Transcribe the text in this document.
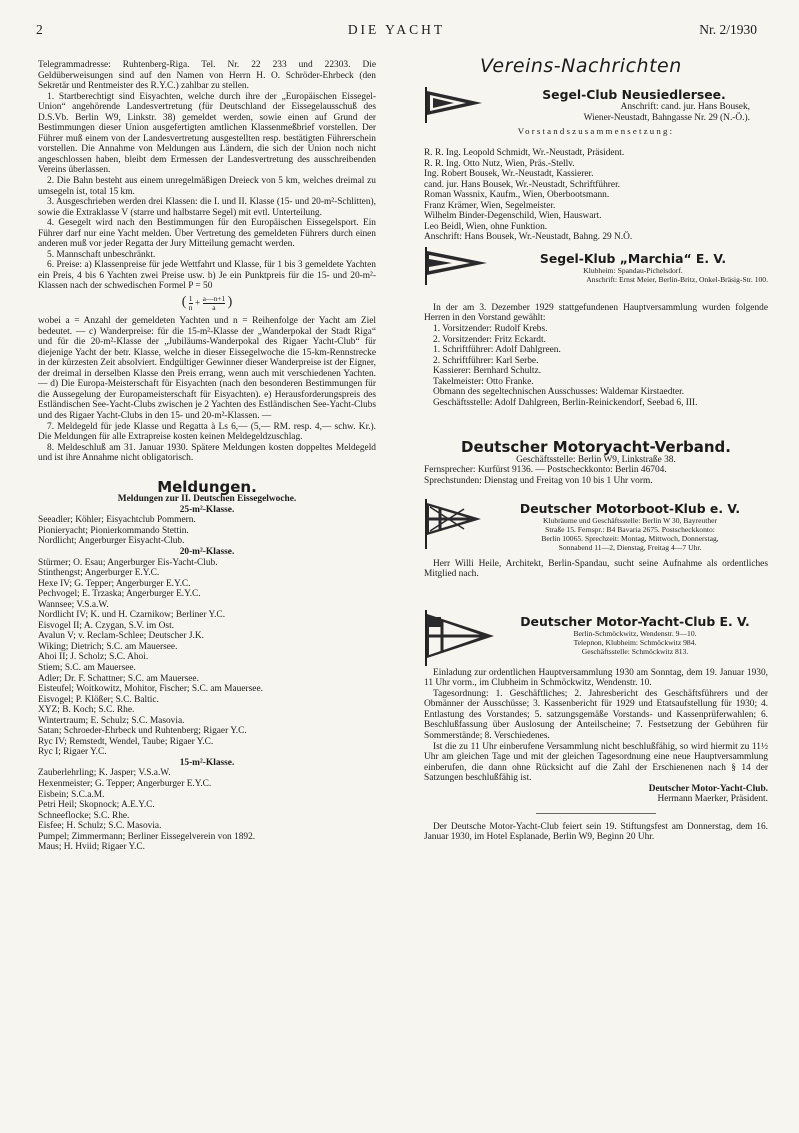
2	DIE YACHT	Nr. 2/1930

Telegrammadresse: Ruhtenberg-Riga. Tel. Nr. 22 233 und 22303. Die Geldüberweisungen sind auf den Namen von Herrn H. O. Schröder-Ehrbeck (den Sekretär und Rentmeister des R.Y.C.) zahlbar zu stellen.

1. Startberechtigt sind Eisyachten, welche durch ihre der „Europäischen Eissegel-Union“ angehörende Landesvertretung (für Deutschland der Eissegelausschuß des D.S.Vb. Berlin W9, Linkstr. 38) gemeldet werden, sowie einen auf Grund der Bestimmungen dieser Union ausgefertigten amtlichen Klassenmeßbrief vorstellen. Der Führer muß einem von der Landesvertretung ausgestellten resp. bestätigten Führerschein vorstellen. Die Annahme von Meldungen aus Ländern, die sich der Union noch nicht angeschlossen haben, bleibt dem Ermessen der Landesvertretung des ausschreibenden Vereins überlassen.

2. Die Bahn besteht aus einem unregelmäßigen Dreieck von 5 km, welches dreimal zu umsegeln ist, total 15 km.

3. Ausgeschrieben werden drei Klassen: die I. und II. Klasse (15- und 20-m²-Schlitten), sowie die Extraklasse V (starre und halbstarre Segel) mit evtl. Unterteilung.

4. Gesegelt wird nach den Bestimmungen für den Europäischen Eissegelsport. Ein Führer darf nur eine Yacht melden. Über Vertretung des gemeldeten Führers durch einen anderen muß vor jeder Regatta der Jury Mitteilung gemacht werden.

5. Mannschaft unbeschränkt.

6. Preise: a) Klassenpreise für jede Wettfahrt und Klasse, für 1 bis 3 gemeldete Yachten ein Preis, 4 bis 6 Yachten zwei Preise usw. b) Je ein Punktpreis für die 15- und 20-m²-Klassen nach der schwedischen Formel P = 50

( $\frac{1}{n} + \frac{a—n+1}{a}$ )

wobei a = Anzahl der gemeldeten Yachten und n = Reihenfolge der Yacht am Ziel bedeutet. — c) Wanderpreise: für die 15-m²-Klasse der „Wanderpokal der Stadt Riga“ und für die 20-m²-Klasse der „Jubiläums-Wanderpokal des Rigaer Yacht-Club“ für diejenige Yacht der betr. Klasse, welche in dieser Eissegelwoche die 15-km-Rennstrecke in der kürzesten Zeit absolviert. Endgültiger Gewinner dieser Wanderpreise ist der Eigner, der dreimal in derselben Klasse den Preis errang, wenn auch mit verschiedenen Yachten. — d) Die Europa-Meisterschaft für Eisyachten (nach den besonderen Bestimmungen für die Aussegelung der Europameisterschaft für Eisyachten). e) Herausforderungspreis des Estländischen See-Yacht-Clubs zwischen je 2 Yachten des Estländischen See-Yacht-Clubs und des Rigaer Yacht-Clubs in den 15- und 20-m²-Klassen. —

7. Meldegeld für jede Klasse und Regatta à Ls 6,— (5,— RM. resp. 4,— schw. Kr.). Die Meldungen für alle Extrapreise kosten keinen Meldegeldzuschlag.

8. Meldeschluß am 31. Januar 1930. Spätere Meldungen kosten doppeltes Meldegeld und ist ihre Annahme nicht obligatorisch.

Meldungen.

Meldungen zur II. Deutschen Eissegelwoche.

25-m²-Klasse.

Seeadler; Köhler; Eisyachtclub Pommern.

Pionieryacht; Pionierkommando Stettin.

Nordlicht; Angerburger Eisyacht-Club.

20-m²-Klasse.

Stürmer; O. Esau; Angerburger Eis-Yacht-Club.

Stinthengst; Angerburger E.Y.C.

Hexe IV; G. Tepper; Angerburger E.Y.C.

Pechvogel; E. Trzaska; Angerburger E.Y.C.

Wannsee; V.S.a.W.

Nordlicht IV; K. und H. Czarnikow; Berliner Y.C.

Eisvogel II; A. Czygan, S.V. im Ost.

Avalun V; v. Reclam-Schlee; Deutscher J.K.

Wiking; Dietrich; S.C. am Mauersee.

Ahoi II; J. Scholz; S.C. Ahoi.

Stiem; S.C. am Mauersee.

Adler; Dr. F. Schattner; S.C. am Mauersee.

Eisteufel; Woitkowitz, Mohitor, Fischer; S.C. am Mauersee.

Eisvogel; P. Klößer; S.C. Baltic.

XYZ; B. Koch; S.C. Rhe.

Wintertraum; E. Schulz; S.C. Masovia.

Satan; Schroeder-Ehrbeck und Ruhtenberg; Rigaer Y.C.

Ryc IV; Remstedt, Wendel, Taube; Rigaer Y.C.

Ryc I; Rigaer Y.C.

15-m²-Klasse.

Zauberlehrling; K. Jasper; V.S.a.W.

Hexenmeister; G. Tepper; Angerburger E.Y.C.

Eisbein; S.C.a.M.

Petri Heil; Skopnock; A.E.Y.C.

Schneeflocke; S.C. Rhe.

Eisfee; H. Schulz; S.C. Masovia.

Pumpel; Zimmermann; Berliner Eissegelverein von 1892.

Maus; H. Hviid; Rigaer Y.C.

Vereins-Nachrichten
Segel-Club Neusiedlersee.

Anschrift: cand. jur. Hans Bousek,

Wiener-Neustadt, Bahngasse Nr. 29 (N.-Ö.).

Vorstandszusammensetzung:

R. R. Ing. Leopold Schmidt, Wr.-Neustadt, Präsident.

R. R. Ing. Otto Nutz, Wien, Präs.-Stellv.

Ing. Robert Bousek, Wr.-Neustadt, Kassierer.

cand. jur. Hans Bousek, Wr.-Neustadt, Schriftführer.

Roman Wassnix, Kaufm., Wien, Oberbootsmann.

Franz Krämer, Wien, Segelmeister.

Wilhelm Binder-Degenschild, Wien, Hauswart.

Leo Beidl, Wien, ohne Funktion.

Anschrift: Hans Bousek, Wr.-Neustadt, Bahng. 29 N.Ö.

Segel-Klub „Marchia“ E. V.

Klubheim: Spandau-Pichelsdorf.

Anschrift: Ernst Meier, Berlin-Britz, Onkel-Bräsig-Str. 100.

In der am 3. Dezember 1929 stattgefundenen Hauptversammlung wurden folgende Herren in den Vorstand gewählt:

1. Vorsitzender: Rudolf Krebs.

2. Vorsitzender: Fritz Eckardt.

1. Schriftführer: Adolf Dahlgreen.

2. Schriftführer: Karl Serbe.

Kassierer: Bernhard Schultz.

Takelmeister: Otto Franke.

Obmann des segeltechnischen Ausschusses: Waldemar Kirstaedter.

Geschäftsstelle: Adolf Dahlgreen, Berlin-Reinickendorf, Seebad 6, III.

Deutscher Motoryacht-Verband.

Geschäftsstelle: Berlin W9, Linkstraße 38.

Fernsprecher: Kurfürst 9136. — Postscheckkonto: Berlin 46704.

Sprechstunden: Dienstag und Freitag von 10 bis 1 Uhr vorm.

Deutscher Motorboot-Klub e. V.

Klubräume und Geschäftsstelle: Berlin W 30, Bayreuther

Straße 15. Fernspr.: B4 Bavaria 2675. Postscheckkonto:

Berlin 10065. Sprechzeit: Montag, Mittwoch, Donnerstag,

Sonnabend 11—2, Dienstag, Freitag 4—7 Uhr.

Herr Willi Heile, Architekt, Berlin-Spandau, sucht seine Aufnahme als ordentliches Mitglied nach.

Deutscher Motor-Yacht-Club E. V.

Berlin-Schmöckwitz, Wendenstr. 9—10.

Telepnon, Klubheim: Schmöckwitz 984.

Geschäftsstelle: Schmöckwitz 813.

Einladung zur ordentlichen Hauptversammlung 1930 am Sonntag, dem 19. Januar 1930, 11 Uhr vorm., im Clubheim in Schmöckwitz, Wendenstr. 10.

Tagesordnung: 1. Geschäftliches; 2. Jahresbericht des Geschäftsführers und der Obmänner der Ausschüsse; 3. Kassenbericht für 1929 und Etatsaufstellung für 1930; 4. Entlastung des Vorstandes; 5. satzungsgemäße Vorstands- und Kassenprüferwahlen; 6. Beschlußfassung über Auslosung der Anteilscheine; 7. Festsetzung der Gebühren für Sommerstände; 8. Verschiedenes.

Ist die zu 11 Uhr einberufene Versammlung nicht beschlußfähig, so wird hiermit zu 11½ Uhr am gleichen Tage und mit der gleichen Tagesordnung eine neue Hauptversammlung einberufen, die dann ohne Rücksicht auf die Zahl der Erschienenen nach § 14 der Satzungen beschlußfähig ist.

Deutscher Motor-Yacht-Club.

Hermann Maerker, Präsident.

Der Deutsche Motor-Yacht-Club feiert sein 19. Stiftungsfest am Donnerstag, dem 16. Januar 1930, im Hotel Esplanade, Berlin W9, Beginn 20 Uhr.
